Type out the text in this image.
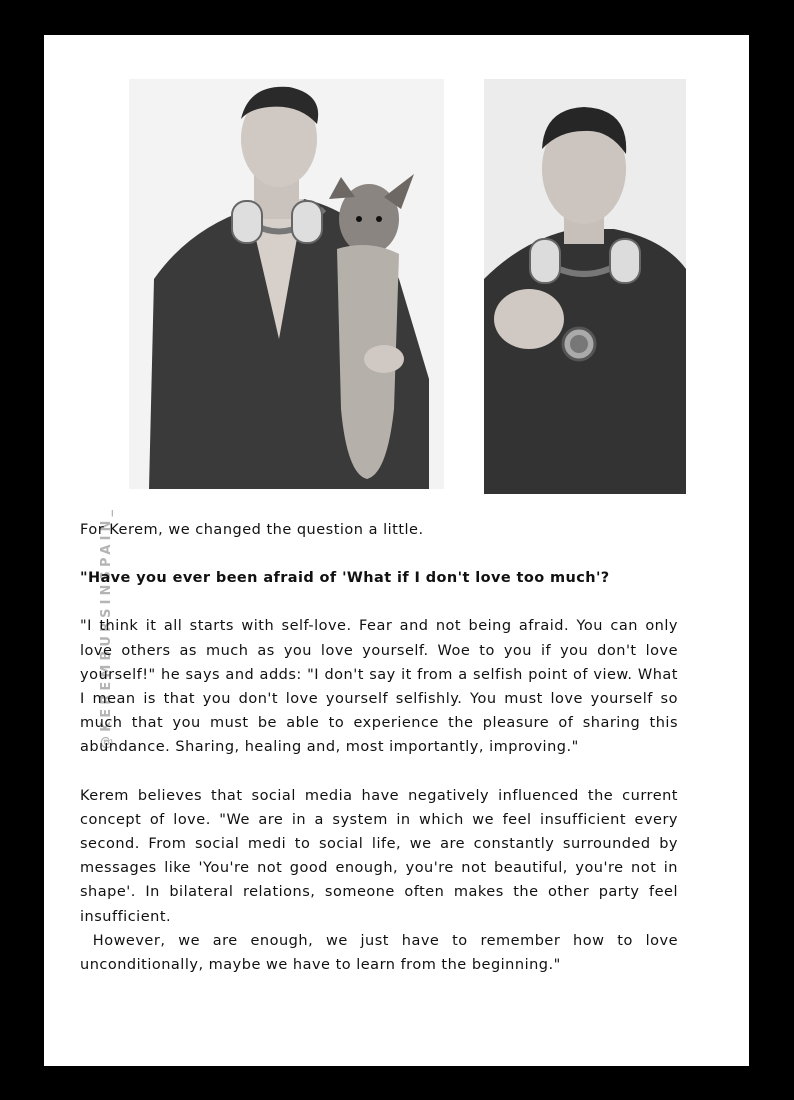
@KEREMBURSINSPAIN_

For Kerem, we changed the question a little.

"Have you ever been afraid of 'What if I don't love too much'?

"I think it all starts with self-love. Fear and not being afraid. You can only love others as much as you love yourself. Woe to you if you don't love yourself!" he says and adds: "I don't say it from a selfish point of view. What I mean is that you don't love yourself selfishly. You must love yourself so much that you must be able to experience the pleasure of sharing this abundance. Sharing, healing and, most importantly, improving."

Kerem believes that social media have negatively influenced the current concept of love. "We are in a system in which we feel insufficient every second. From social medi to social life, we are constantly surrounded by messages like 'You're not good enough, you're not beautiful, you're not in shape'. In bilateral relations, someone often makes the other party feel insufficient.

However, we are enough, we just have to remember how to love unconditionally, maybe we have to learn from the beginning."
